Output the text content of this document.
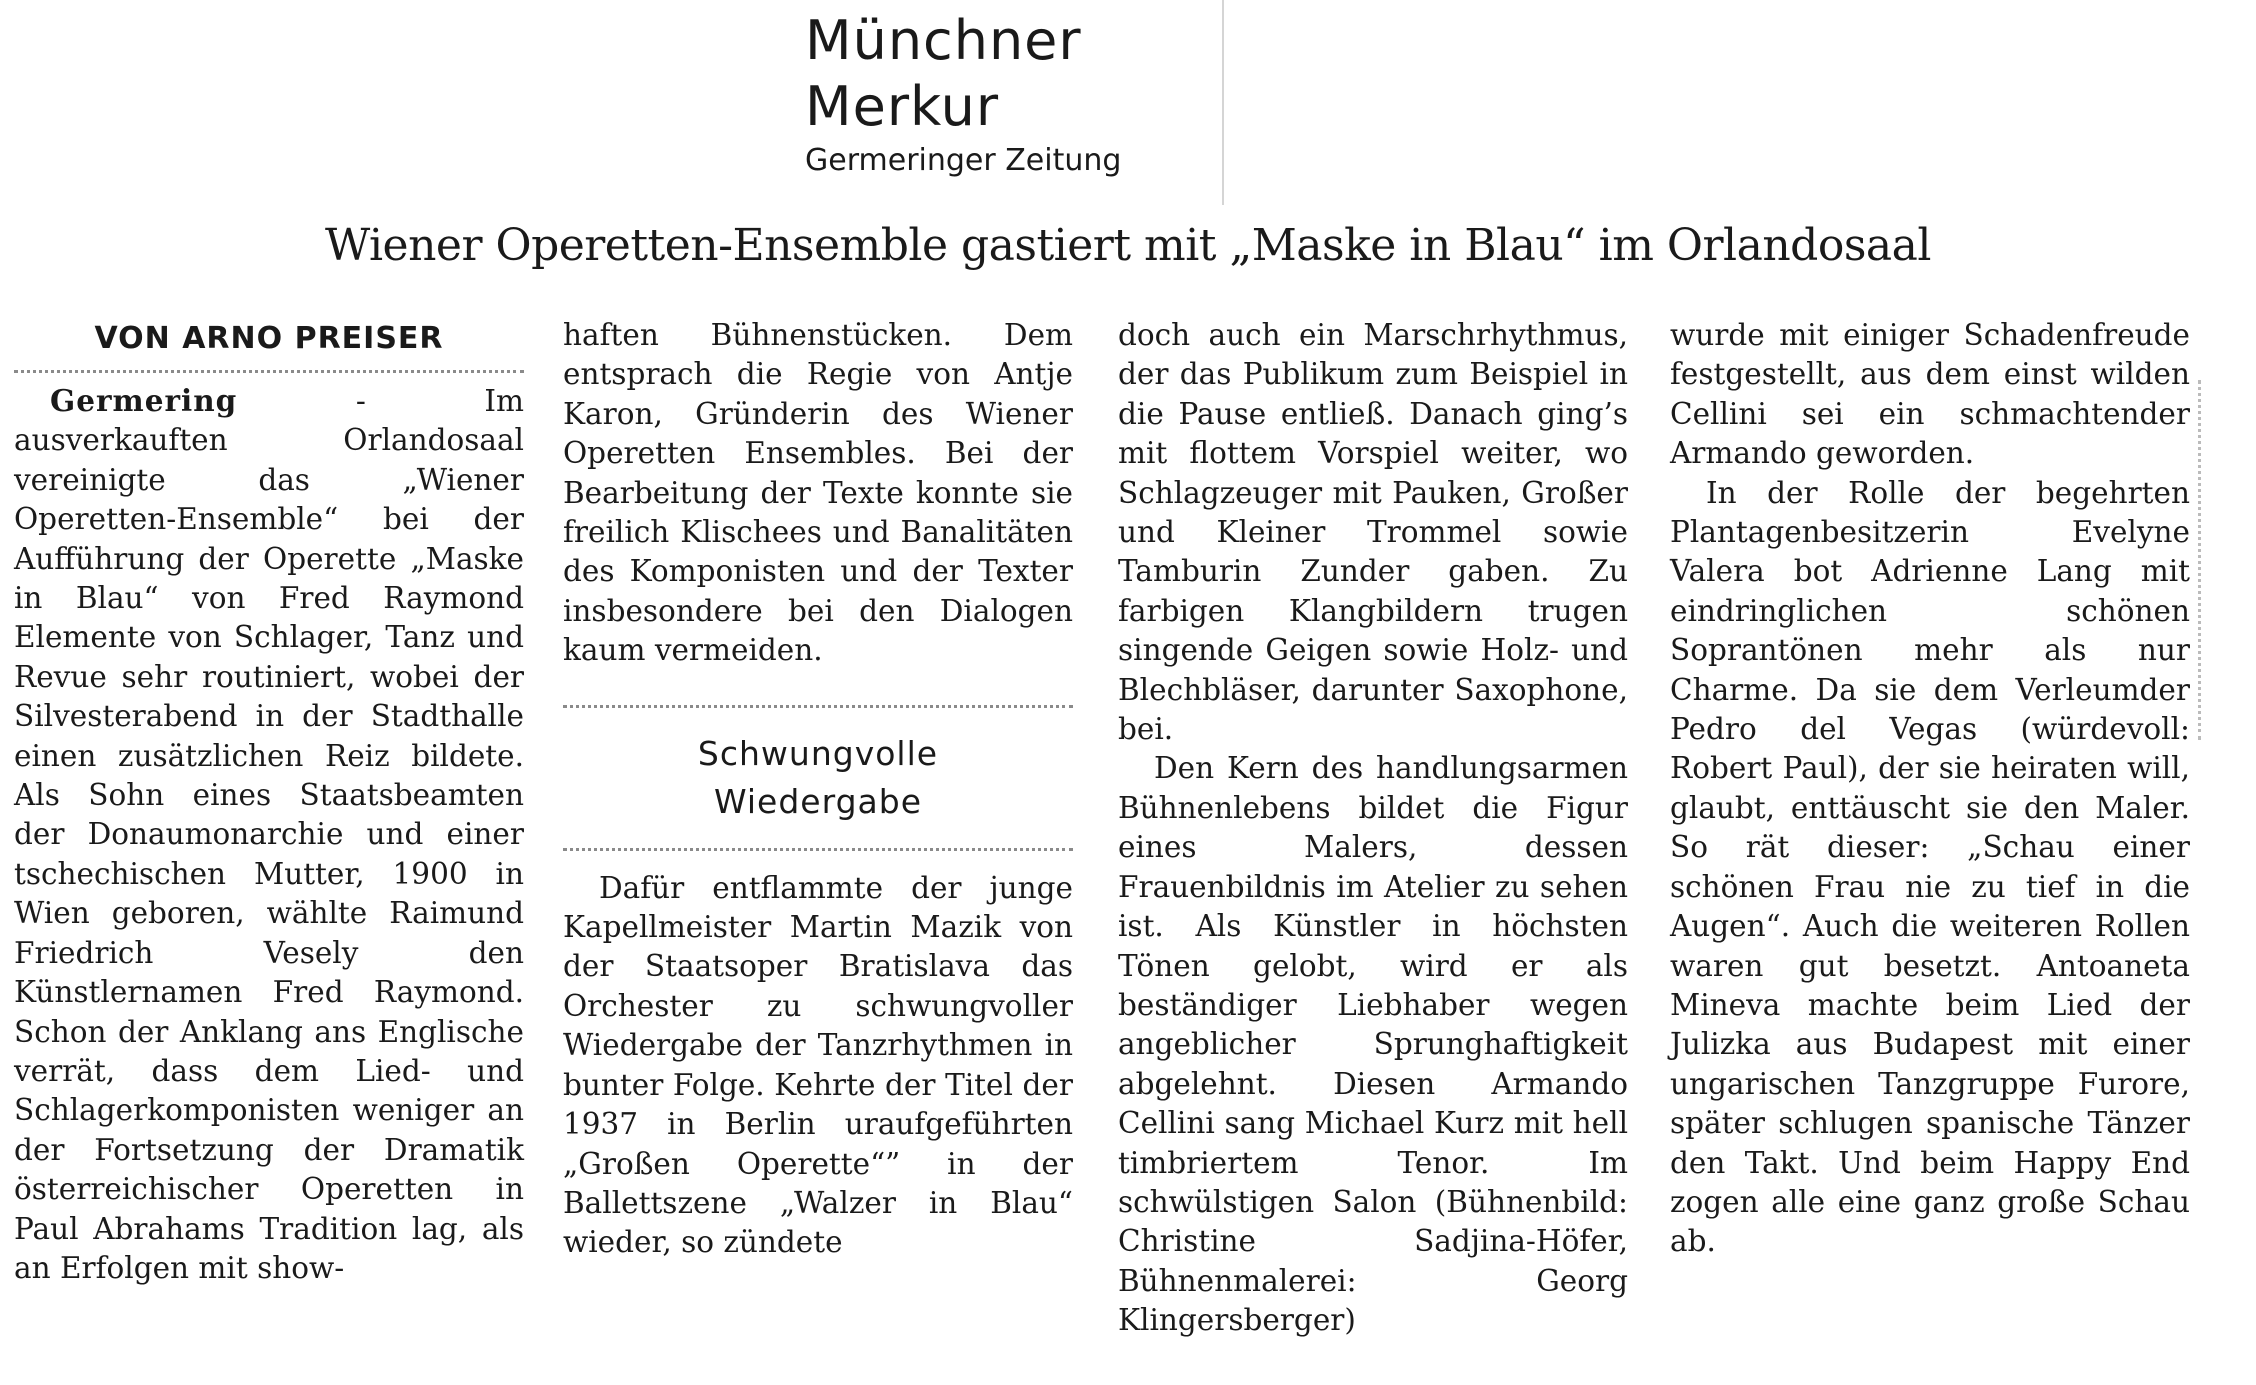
Münchner
Merkur
Germeringer Zeitung
Wiener Operetten-Ensemble gastiert mit „Maske in Blau“ im Orlandosaal
VON ARNO PREISER

Germering - Im ausverkauften Orlandosaal vereinigte das „Wiener Operetten-Ensemble“ bei der Aufführung der Operette „Maske in Blau“ von Fred Raymond Elemente von Schlager, Tanz und Revue sehr routiniert, wobei der Silvesterabend in der Stadthalle einen zusätzlichen Reiz bildete. Als Sohn eines Staatsbeamten der Donaumonarchie und einer tschechischen Mutter, 1900 in Wien geboren, wählte Raimund Friedrich Vesely den Künstlernamen Fred Raymond. Schon der Anklang ans Englische verrät, dass dem Lied- und Schlagerkomponisten weniger an der Fortsetzung der Dramatik österreichischer Operetten in Paul Abrahams Tradition lag, als an Erfolgen mit show-

haften Bühnenstücken. Dem entsprach die Regie von Antje Karon, Gründerin des Wiener Operetten Ensembles. Bei der Bearbeitung der Texte konnte sie freilich Klischees und Banalitäten des Komponisten und der Texter insbesondere bei den Dialogen kaum vermeiden.

Schwungvolle
Wiedergabe

Dafür entflammte der junge Kapellmeister Martin Mazik von der Staatsoper Bratislava das Orchester zu schwungvoller Wiedergabe der Tanzrhythmen in bunter Folge. Kehrte der Titel der 1937 in Berlin uraufgeführten „Großen Operette“” in der Ballettszene „Walzer in Blau“ wieder, so zündete

doch auch ein Marschrhythmus, der das Publikum zum Beispiel in die Pause entließ. Danach ging’s mit flottem Vorspiel weiter, wo Schlagzeuger mit Pauken, Großer und Kleiner Trommel sowie Tamburin Zunder gaben. Zu farbigen Klangbildern trugen singende Geigen sowie Holz- und Blechbläser, darunter Saxophone, bei.

Den Kern des handlungsarmen Bühnenlebens bildet die Figur eines Malers, dessen Frauenbildnis im Atelier zu sehen ist. Als Künstler in höchsten Tönen gelobt, wird er als beständiger Liebhaber wegen angeblicher Sprunghaftigkeit abgelehnt. Diesen Armando Cellini sang Michael Kurz mit hell timbriertem Tenor. Im schwülstigen Salon (Bühnenbild: Christine Sadjina-Höfer, Bühnenmalerei: Georg Klingersberger)

wurde mit einiger Schadenfreude festgestellt, aus dem einst wilden Cellini sei ein schmachtender Armando geworden.

In der Rolle der begehrten Plantagenbesitzerin Evelyne Valera bot Adrienne Lang mit eindringlichen schönen Soprantönen mehr als nur Charme. Da sie dem Verleumder Pedro del Vegas (würdevoll: Robert Paul), der sie heiraten will, glaubt, enttäuscht sie den Maler. So rät dieser: „Schau einer schönen Frau nie zu tief in die Augen“. Auch die weiteren Rollen waren gut besetzt. Antoaneta Mineva machte beim Lied der Julizka aus Budapest mit einer ungarischen Tanzgruppe Furore, später schlugen spanische Tänzer den Takt. Und beim Happy End zogen alle eine ganz große Schau ab.
